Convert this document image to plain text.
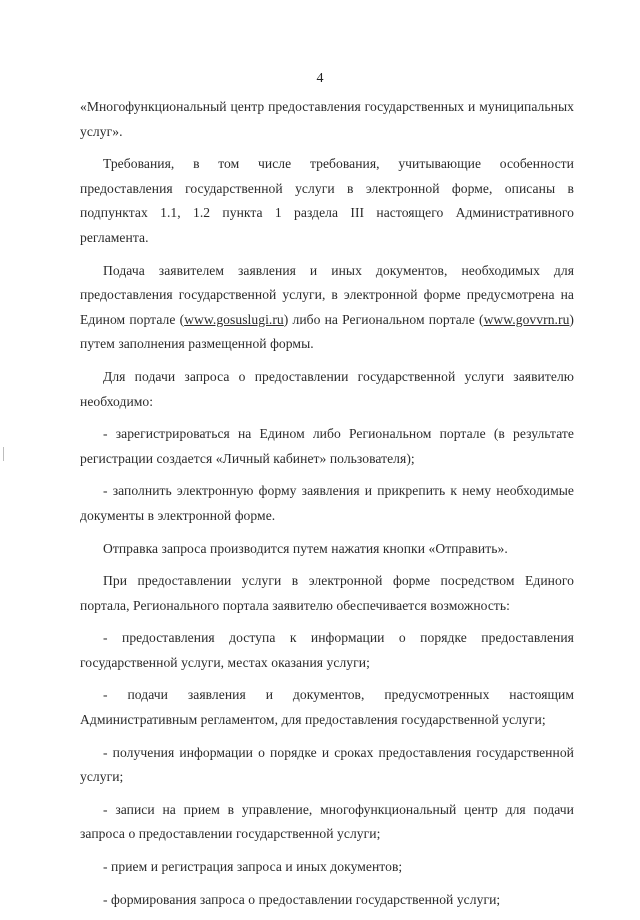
4

«Многофункциональный центр предоставления государственных и муниципальных услуг».

Требования, в том числе требования, учитывающие особенности предоставления государственной услуги в электронной форме, описаны в подпунктах 1.1, 1.2 пункта 1 раздела III настоящего Административного регламента.

Подача заявителем заявления и иных документов, необходимых для предоставления государственной услуги, в электронной форме предусмотрена на Едином портале (www.gosuslugi.ru) либо на Региональном портале (www.govvrn.ru) путем заполнения размещенной формы.

Для подачи запроса о предоставлении государственной услуги заявителю необходимо:

- зарегистрироваться на Едином либо Региональном портале (в результате регистрации создается «Личный кабинет» пользователя);

- заполнить электронную форму заявления и прикрепить к нему необходимые документы в электронной форме.

Отправка запроса производится путем нажатия кнопки «Отправить».

При предоставлении услуги в электронной форме посредством Единого портала, Регионального портала заявителю обеспечивается возможность:

- предоставления доступа к информации о порядке предоставления государственной услуги, местах оказания услуги;

- подачи заявления и документов, предусмотренных настоящим Административным регламентом, для предоставления государственной услуги;

- получения информации о порядке и сроках предоставления государственной услуги;

- записи на прием в управление, многофункциональный центр для подачи запроса о предоставлении государственной услуги;

- прием и регистрация запроса и иных документов;

- формирования запроса о предоставлении государственной услуги;
